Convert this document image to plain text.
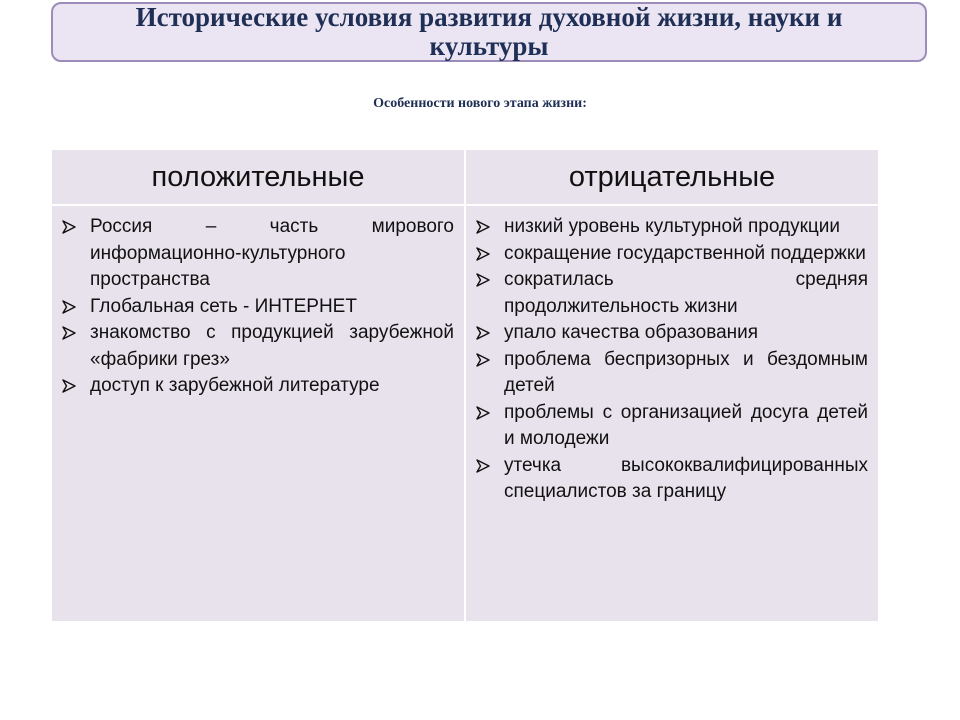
Исторические условия развития духовной жизни, науки и культуры
Особенности нового этапа жизни:
положительные	отрицательные
Россия – часть мирового информационно-культурного пространства
Глобальная сеть - ИНТЕРНЕТ
знакомство с продукцией зарубежной «фабрики грез»
доступ к зарубежной литературе
низкий уровень культурной продукции
сокращение государственной поддержки
сократилась средняя продолжительность жизни
упало качества образования
проблема беспризорных и бездомным детей
проблемы с организацией досуга детей и молодежи
утечка высококвалифицированных специалистов за границу
